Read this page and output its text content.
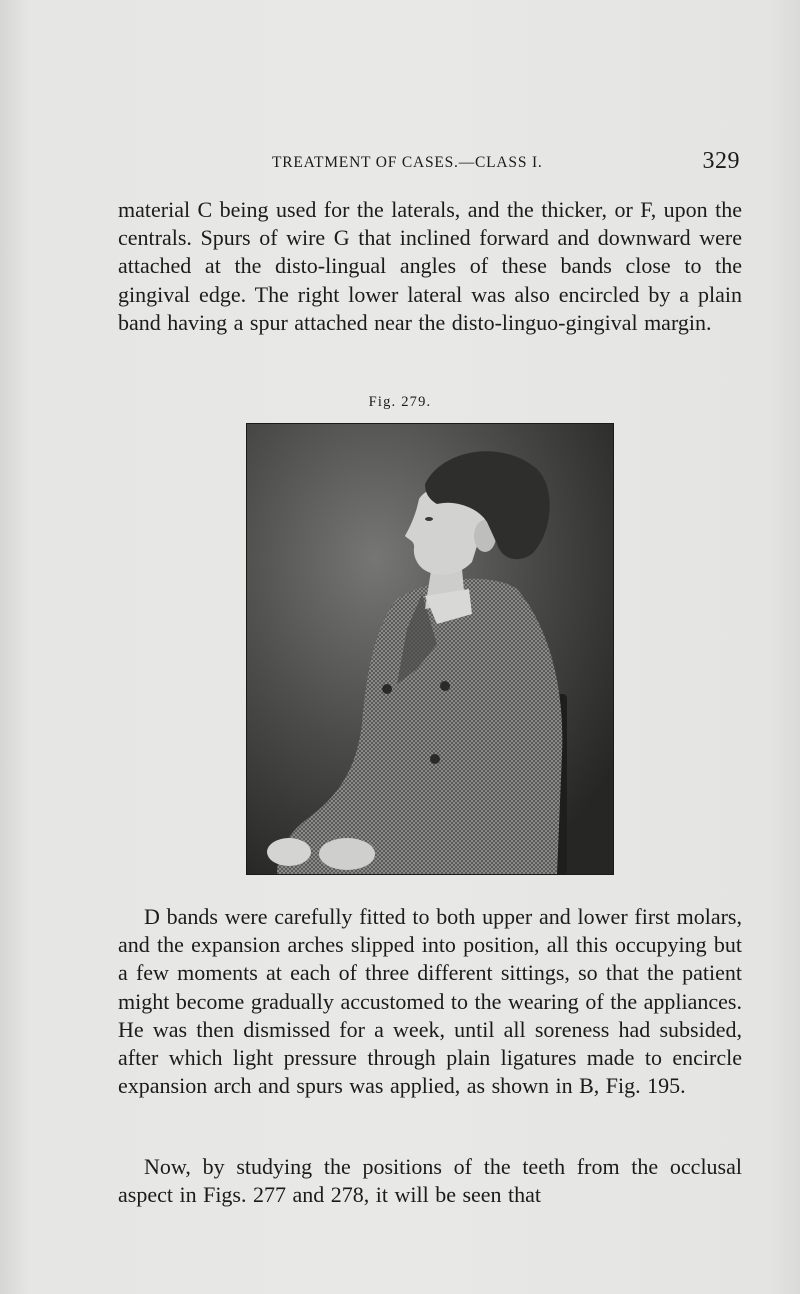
TREATMENT OF CASES.—CLASS I.	329

material C being used for the laterals, and the thicker, or F, upon the centrals. Spurs of wire G that inclined forward and downward were attached at the disto-lingual angles of these bands close to the gingival edge. The right lower lateral was also encircled by a plain band having a spur attached near the disto-linguo-gingival margin.

Fig. 279.

D bands were carefully fitted to both upper and lower first molars, and the expansion arches slipped into position, all this occupying but a few moments at each of three different sittings, so that the patient might become gradually accustomed to the wearing of the appliances. He was then dismissed for a week, until all soreness had subsided, after which light pressure through plain ligatures made to encircle expansion arch and spurs was applied, as shown in B, Fig. 195.

Now, by studying the positions of the teeth from the occlusal aspect in Figs. 277 and 278, it will be seen that
